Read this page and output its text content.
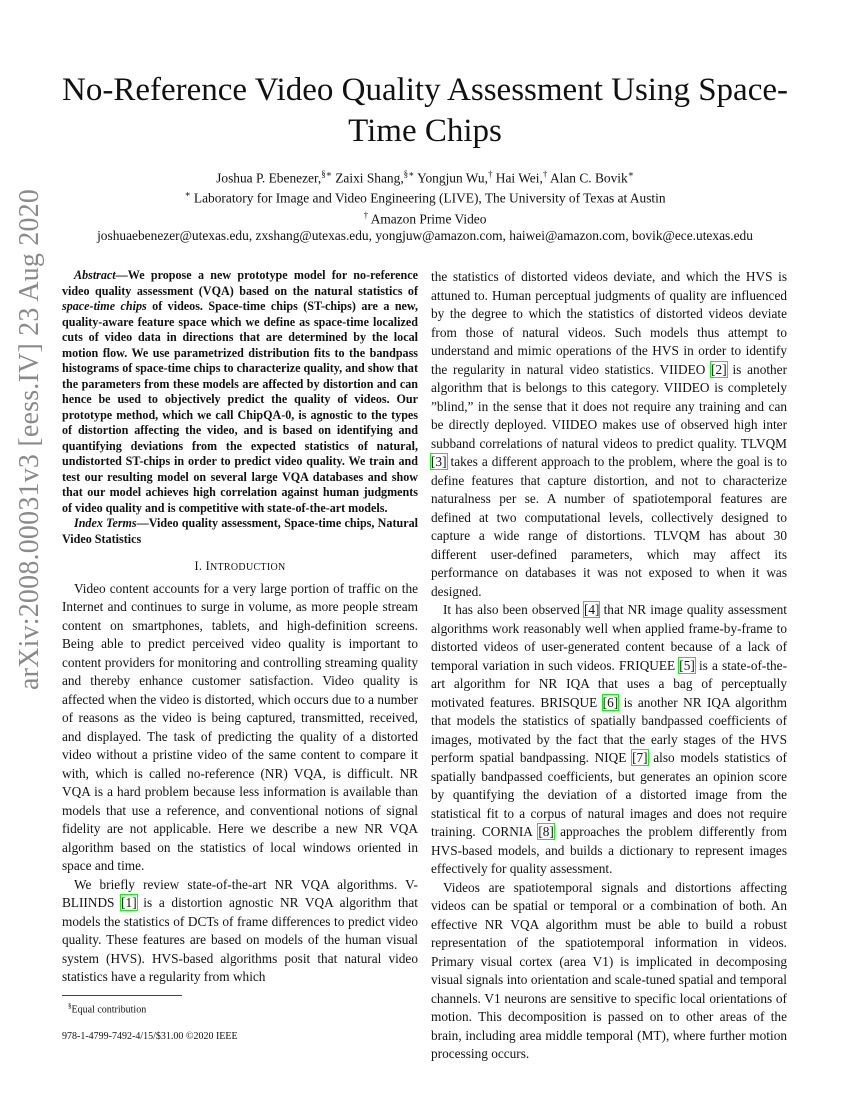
No-Reference Video Quality Assessment Using Space-Time Chips
Joshua P. Ebenezer,§∗ Zaixi Shang,§∗ Yongjun Wu,† Hai Wei,† Alan C. Bovik∗
∗ Laboratory for Image and Video Engineering (LIVE), The University of Texas at Austin
† Amazon Prime Video
joshuaebenezer@utexas.edu, zxshang@utexas.edu, yongjuw@amazon.com, haiwei@amazon.com, bovik@ece.utexas.edu
arXiv:2008.00031v3 [eess.IV] 23 Aug 2020	Abstract—We propose a new prototype model for no-reference video quality assessment (VQA) based on the natural statistics of space-time chips of videos. Space-time chips (ST-chips) are a new, quality-aware feature space which we define as space-time localized cuts of video data in directions that are determined by the local motion flow. We use parametrized distribution fits to the bandpass histograms of space-time chips to characterize quality, and show that the parameters from these models are affected by distortion and can hence be used to objectively predict the quality of videos. Our prototype method, which we call ChipQA-0, is agnostic to the types of distortion affecting the video, and is based on identifying and quantifying deviations from the expected statistics of natural, undistorted ST-chips in order to predict video quality. We train and test our resulting model on several large VQA databases and show that our model achieves high correlation against human judgments of video quality and is competitive with state-of-the-art models.

Index Terms—Video quality assessment, Space-time chips, Natural Video Statistics

I. INTRODUCTION

Video content accounts for a very large portion of traffic on the Internet and continues to surge in volume, as more people stream content on smartphones, tablets, and high-definition screens. Being able to predict perceived video quality is important to content providers for monitoring and controlling streaming quality and thereby enhance customer satisfaction. Video quality is affected when the video is distorted, which occurs due to a number of reasons as the video is being captured, transmitted, received, and displayed. The task of predicting the quality of a distorted video without a pristine video of the same content to compare it with, which is called no-reference (NR) VQA, is difficult. NR VQA is a hard problem because less information is available than models that use a reference, and conventional notions of signal fidelity are not applicable. Here we describe a new NR VQA algorithm based on the statistics of local windows oriented in space and time.

We briefly review state-of-the-art NR VQA algorithms. V-BLIINDS [1] is a distortion agnostic NR VQA algorithm that models the statistics of DCTs of frame differences to predict video quality. These features are based on models of the human visual system (HVS). HVS-based algorithms posit that natural video statistics have a regularity from which

§Equal contribution
978-1-4799-7492-4/15/$31.00 ©2020 IEEE

the statistics of distorted videos deviate, and which the HVS is attuned to. Human perceptual judgments of quality are influenced by the degree to which the statistics of distorted videos deviate from those of natural videos. Such models thus attempt to understand and mimic operations of the HVS in order to identify the regularity in natural video statistics. VIIDEO [2] is another algorithm that is belongs to this category. VIIDEO is completely ”blind,” in the sense that it does not require any training and can be directly deployed. VIIDEO makes use of observed high inter subband correlations of natural videos to predict quality. TLVQM [3] takes a different approach to the problem, where the goal is to define features that capture distortion, and not to characterize naturalness per se. A number of spatiotemporal features are defined at two computational levels, collectively designed to capture a wide range of distortions. TLVQM has about 30 different user-defined parameters, which may affect its performance on databases it was not exposed to when it was designed.

It has also been observed [4] that NR image quality assessment algorithms work reasonably well when applied frame-by-frame to distorted videos of user-generated content because of a lack of temporal variation in such videos. FRIQUEE [5] is a state-of-the-art algorithm for NR IQA that uses a bag of perceptually motivated features. BRISQUE [6] is another NR IQA algorithm that models the statistics of spatially bandpassed coefficients of images, motivated by the fact that the early stages of the HVS perform spatial bandpassing. NIQE [7] also models statistics of spatially bandpassed coefficients, but generates an opinion score by quantifying the deviation of a distorted image from the statistical fit to a corpus of natural images and does not require training. CORNIA [8] approaches the problem differently from HVS-based models, and builds a dictionary to represent images effectively for quality assessment.

Videos are spatiotemporal signals and distortions affecting videos can be spatial or temporal or a combination of both. An effective NR VQA algorithm must be able to build a robust representation of the spatiotemporal information in videos. Primary visual cortex (area V1) is implicated in decomposing visual signals into orientation and scale-tuned spatial and temporal channels. V1 neurons are sensitive to specific local orientations of motion. This decomposition is passed on to other areas of the brain, including area middle temporal (MT), where further motion processing occurs.
